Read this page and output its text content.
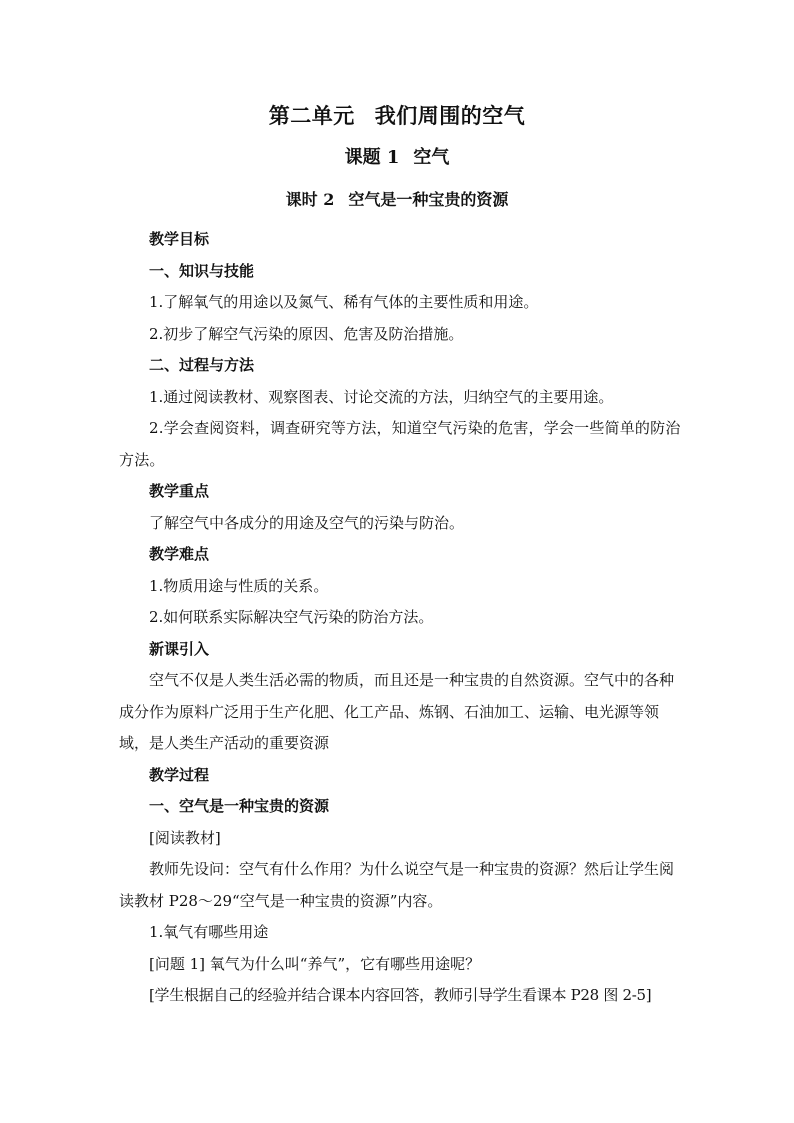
第二单元 我们周围的空气
课题 1 空气
课时 2 空气是一种宝贵的资源

教学目标

一、知识与技能

1.了解氧气的用途以及氮气、稀有气体的主要性质和用途。

2.初步了解空气污染的原因、危害及防治措施。

二、过程与方法

1.通过阅读教材、观察图表、讨论交流的方法，归纳空气的主要用途。

2.学会查阅资料，调查研究等方法，知道空气污染的危害，学会一些简单的防治方法。

教学重点

了解空气中各成分的用途及空气的污染与防治。

教学难点

1.物质用途与性质的关系。

2.如何联系实际解决空气污染的防治方法。

新课引入

空气不仅是人类生活必需的物质，而且还是一种宝贵的自然资源。空气中的各种成分作为原料广泛用于生产化肥、化工产品、炼钢、石油加工、运输、电光源等领域，是人类生产活动的重要资源

教学过程

一、空气是一种宝贵的资源

[阅读教材]

教师先设问：空气有什么作用？为什么说空气是一种宝贵的资源？然后让学生阅读教材 P28～29“空气是一种宝贵的资源”内容。

1.氧气有哪些用途

[问题 1] 氧气为什么叫“养气”，它有哪些用途呢？

[学生根据自己的经验并结合课本内容回答，教师引导学生看课本 P28 图 2-5]
